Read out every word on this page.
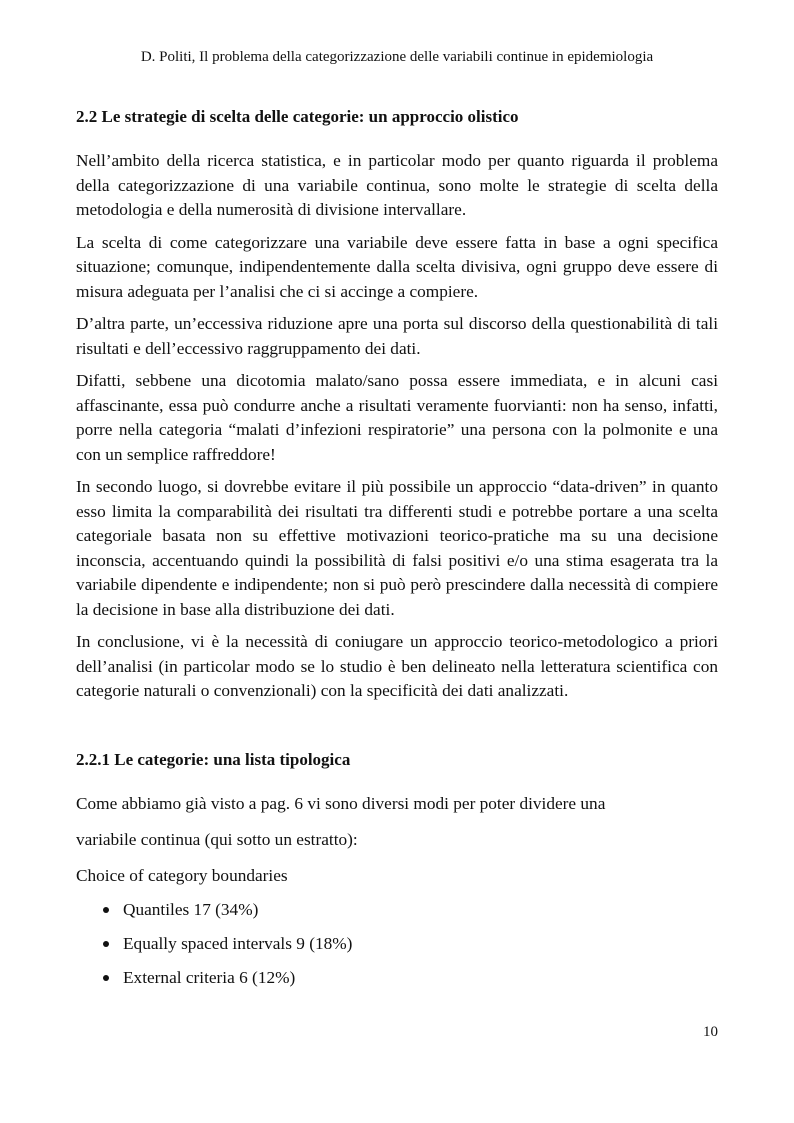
D. Politi, Il problema della categorizzazione delle variabili continue in epidemiologia
2.2 Le strategie di scelta delle categorie: un approccio olistico

Nell’ambito della ricerca statistica, e in particolar modo per quanto riguarda il problema della categorizzazione di una variabile continua, sono molte le strategie di scelta della metodologia e della numerosità di divisione intervallare.

La scelta di come categorizzare una variabile deve essere fatta in base a ogni specifica situazione; comunque, indipendentemente dalla scelta divisiva, ogni gruppo deve essere di misura adeguata per l’analisi che ci si accinge a compiere.

D’altra parte, un’eccessiva riduzione apre una porta sul discorso della questionabilità di tali risultati e dell’eccessivo raggruppamento dei dati.

Difatti, sebbene una dicotomia malato/sano possa essere immediata, e in alcuni casi affascinante, essa può condurre anche a risultati veramente fuorvianti: non ha senso, infatti, porre nella categoria “malati d’infezioni respiratorie” una persona con la polmonite e una con un semplice raffreddore!

In secondo luogo, si dovrebbe evitare il più possibile un approccio “data-driven” in quanto esso limita la comparabilità dei risultati tra differenti studi e potrebbe portare a una scelta categoriale basata non su effettive motivazioni teorico-pratiche ma su una decisione inconscia, accentuando quindi la possibilità di falsi positivi e/o una stima esagerata tra la variabile dipendente e indipendente; non si può però prescindere dalla necessità di compiere la decisione in base alla distribuzione dei dati.

In conclusione, vi è la necessità di coniugare un approccio teorico-metodologico a priori dell’analisi (in particolar modo se lo studio è ben delineato nella letteratura scientifica con categorie naturali o convenzionali) con la specificità dei dati analizzati.

2.2.1 Le categorie: una lista tipologica

Come abbiamo già visto a pag. 6 vi sono diversi modi per poter dividere una

variabile continua (qui sotto un estratto):

Choice of category boundaries

Quantiles 17 (34%)
Equally spaced intervals 9 (18%)
External criteria 6 (12%)
10
